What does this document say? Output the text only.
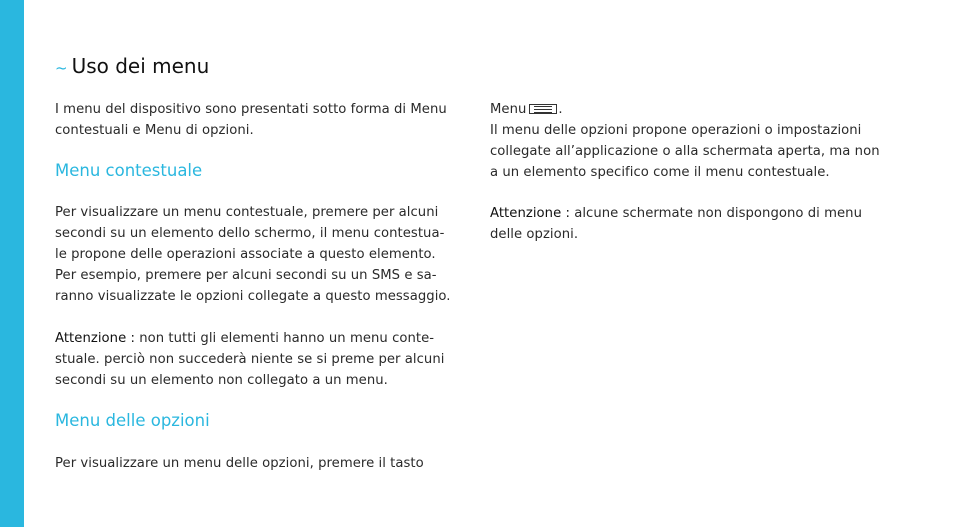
~ Uso dei menu

I menu del dispositivo sono presentati sotto forma di Menu
contestuali e Menu di opzioni.

Menu contestuale

Per visualizzare un menu contestuale, premere per alcuni
secondi su un elemento dello schermo, il menu contestua-
le propone delle operazioni associate a questo elemento.
Per esempio, premere per alcuni secondi su un SMS e sa-
ranno visualizzate le opzioni collegate a questo messaggio.

Attenzione : non tutti gli elementi hanno un menu conte-
stuale. perciò non succederà niente se si preme per alcuni
secondi su un elemento non collegato a un menu.

Menu delle opzioni

Per visualizzare un menu delle opzioni, premere il tasto

Menu .
Il menu delle opzioni propone operazioni o impostazioni
collegate all’applicazione o alla schermata aperta, ma non
a un elemento specifico come il menu contestuale.

Attenzione : alcune schermate non dispongono di menu
delle opzioni.
